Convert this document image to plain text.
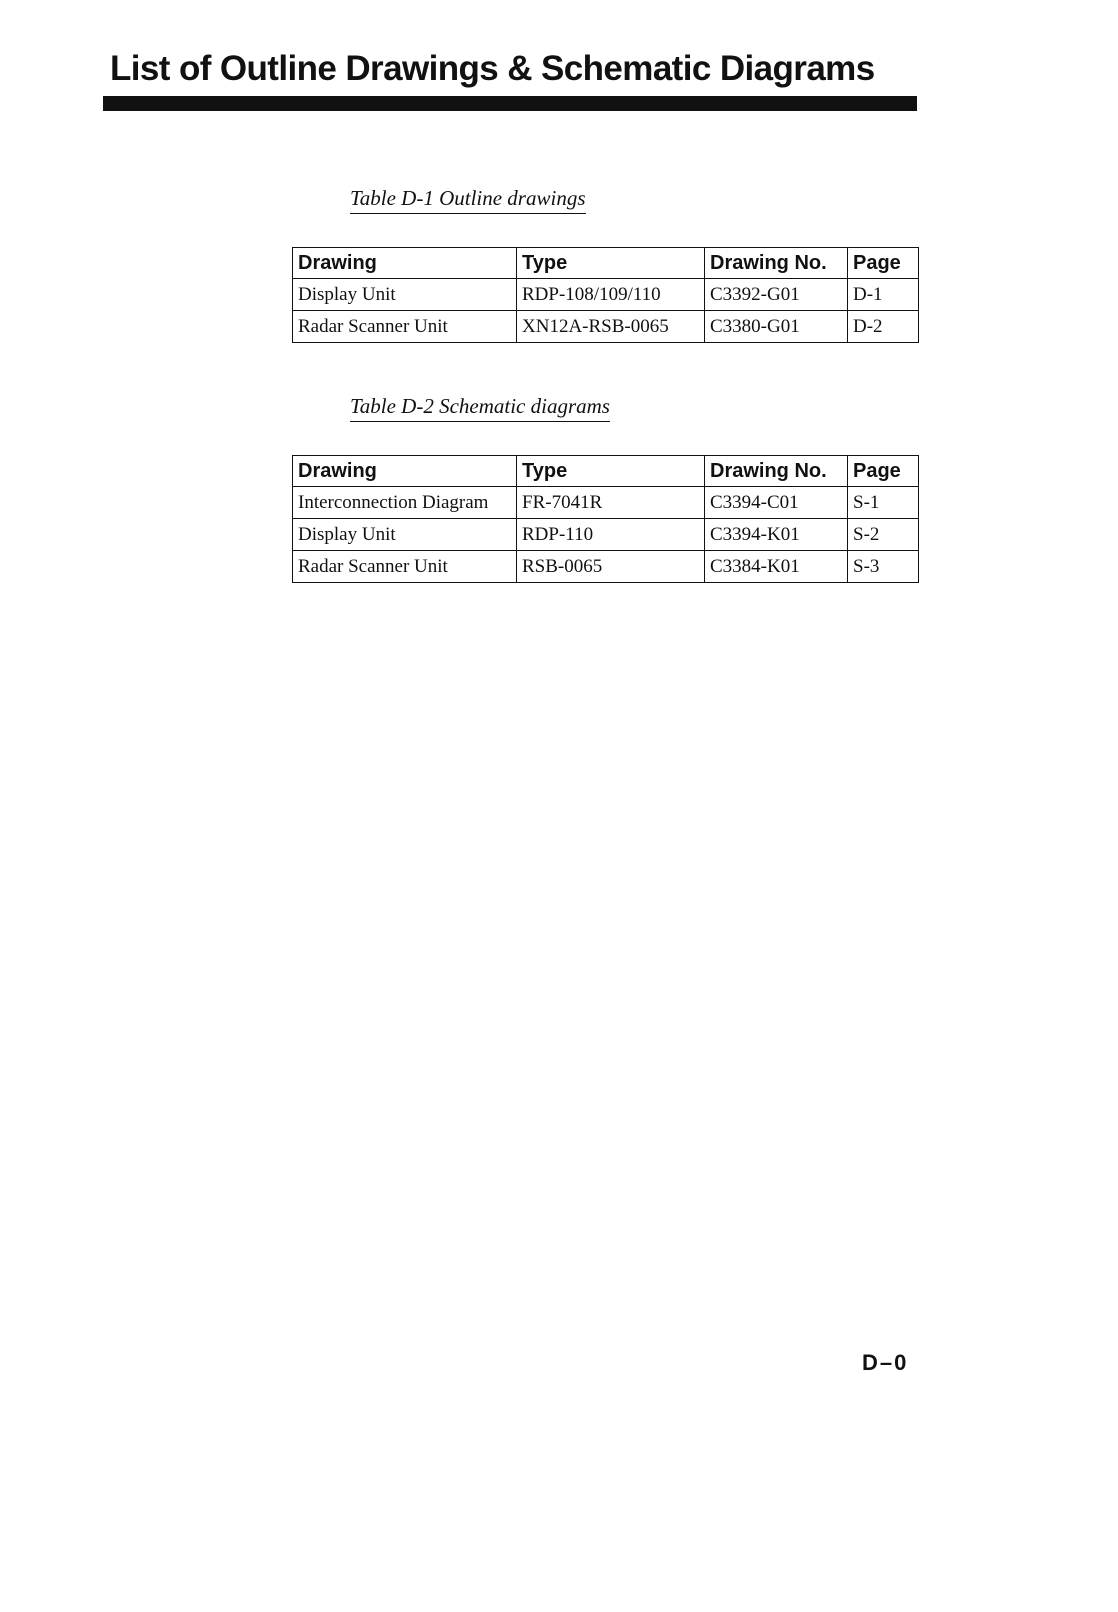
List of Outline Drawings & Schematic Diagrams
Table D-1 Outline drawings
Drawing	Type	Drawing No.	Page
Display Unit	RDP-108/109/110	C3392-G01	D-1
Radar Scanner Unit	XN12A-RSB-0065	C3380-G01	D-2
Table D-2 Schematic diagrams
Drawing	Type	Drawing No.	Page
Interconnection Diagram	FR-7041R	C3394-C01	S-1
Display Unit	RDP-110	C3394-K01	S-2
Radar Scanner Unit	RSB-0065	C3384-K01	S-3
D–0
